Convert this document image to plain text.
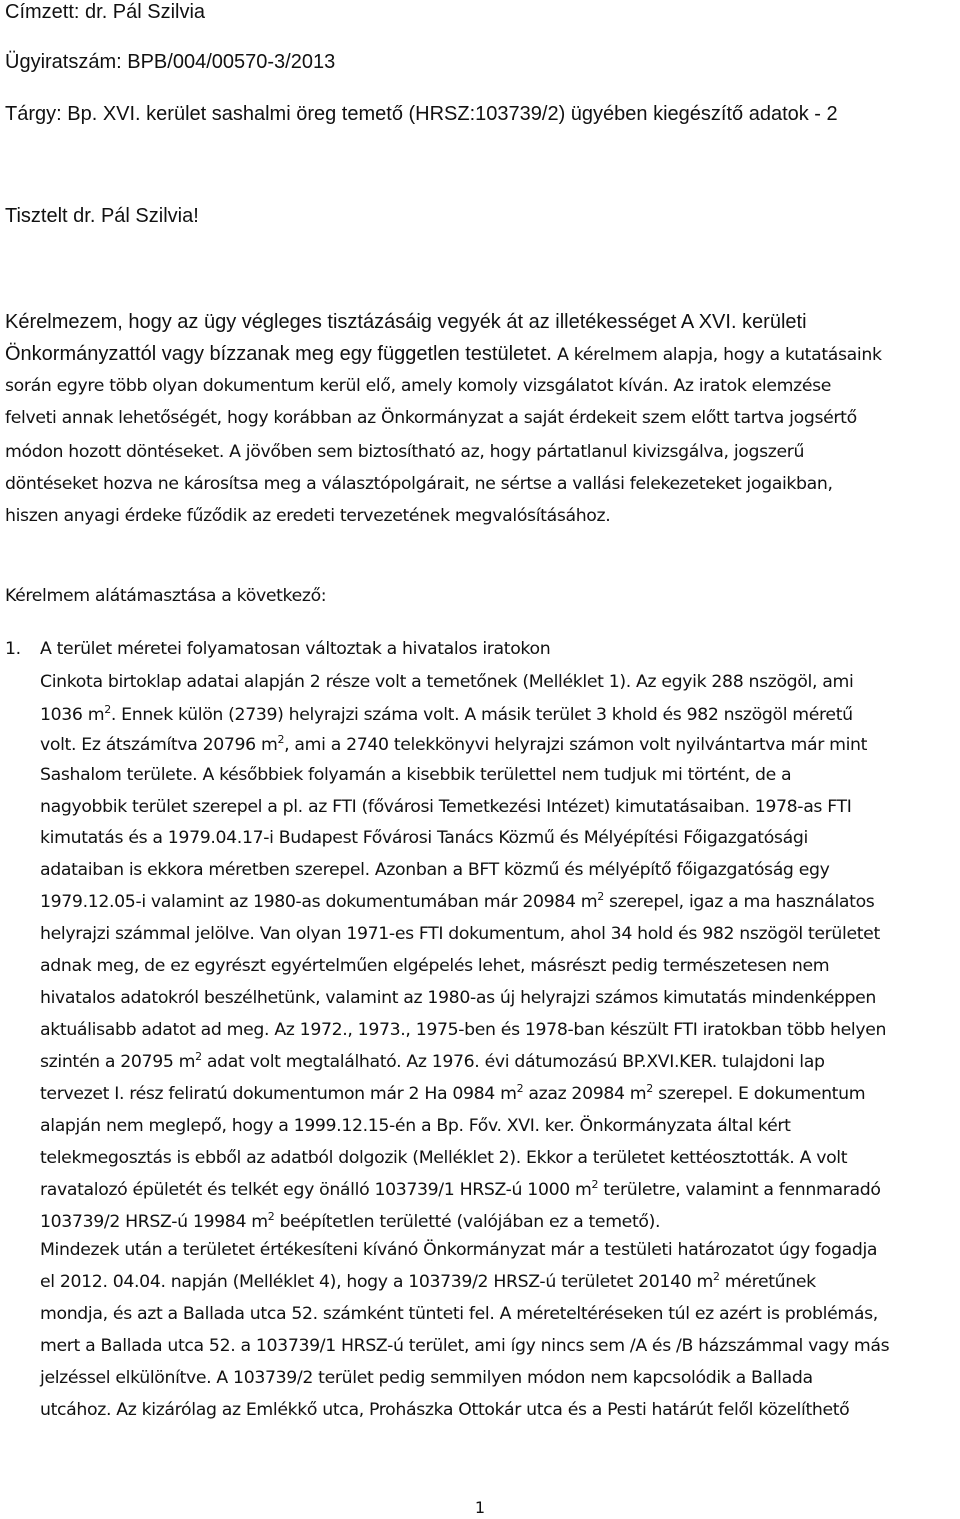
Címzett: dr. Pál Szilvia

Ügyiratszám: BPB/004/00570-3/2013

Tárgy: Bp. XVI. kerület sashalmi öreg temető (HRSZ:103739/2) ügyében kiegészítő adatok - 2

Tisztelt dr. Pál Szilvia!

Kérelmezem, hogy az ügy végleges tisztázásáig vegyék át az illetékességet A XVI. kerületi

Önkormányzattól vagy bízzanak meg egy független testületet. A kérelmem alapja, hogy a kutatásaink

során egyre több olyan dokumentum kerül elő, amely komoly vizsgálatot kíván. Az iratok elemzése

felveti annak lehetőségét, hogy korábban az Önkormányzat a saját érdekeit szem előtt tartva jogsértő

módon hozott döntéseket. A jövőben sem biztosítható az, hogy pártatlanul kivizsgálva, jogszerű

döntéseket hozva ne károsítsa meg a választópolgárait, ne sértse a vallási felekezeteket jogaikban,

hiszen anyagi érdeke fűződik az eredeti tervezetének megvalósításához.

Kérelmem alátámasztása a következő:

1. A terület méretei folyamatosan változtak a hivatalos iratokon

Cinkota birtoklap adatai alapján 2 része volt a temetőnek (Melléklet 1). Az egyik 288 nszögöl, ami

1036 $m^2$. Ennek külön (2739) helyrajzi száma volt. A másik terület 3 khold és 982 nszögöl méretű

volt. Ez átszámítva 20796 $m^2$, ami a 2740 telekkönyvi helyrajzi számon volt nyilvántartva már mint

Sashalom területe. A későbbiek folyamán a kisebbik területtel nem tudjuk mi történt, de a

nagyobbik terület szerepel a pl. az FTI (fővárosi Temetkezési Intézet) kimutatásaiban. 1978-as FTI

kimutatás és a 1979.04.17-i Budapest Fővárosi Tanács Közmű és Mélyépítési Főigazgatósági

adataiban is ekkora méretben szerepel. Azonban a BFT közmű és mélyépítő főigazgatóság egy

1979.12.05-i valamint az 1980-as dokumentumában már 20984 $m^2$ szerepel, igaz a ma használatos

helyrajzi számmal jelölve. Van olyan 1971-es FTI dokumentum, ahol 34 hold és 982 nszögöl területet

adnak meg, de ez egyrészt egyértelműen elgépelés lehet, másrészt pedig természetesen nem

hivatalos adatokról beszélhetünk, valamint az 1980-as új helyrajzi számos kimutatás mindenképpen

aktuálisabb adatot ad meg. Az 1972., 1973., 1975-ben és 1978-ban készült FTI iratokban több helyen

szintén a 20795 $m^2$ adat volt megtalálható. Az 1976. évi dátumozású BP.XVI.KER. tulajdoni lap

tervezet I. rész feliratú dokumentumon már 2 Ha 0984 $m^2$ azaz 20984 $m^2$ szerepel. E dokumentum

alapján nem meglepő, hogy a 1999.12.15-én a Bp. Főv. XVI. ker. Önkormányzata által kért

telekmegosztás is ebből az adatból dolgozik (Melléklet 2). Ekkor a területet kettéosztották. A volt

ravatalozó épületét és telkét egy önálló 103739/1 HRSZ-ú 1000 $m^2$ területre, valamint a fennmaradó

103739/2 HRSZ-ú 19984 $m^2$ beépítetlen területté (valójában ez a temető).

Mindezek után a területet értékesíteni kívánó Önkormányzat már a testületi határozatot úgy fogadja

el 2012. 04.04. napján (Melléklet 4), hogy a 103739/2 HRSZ-ú területet 20140 $m^2$ méretűnek

mondja, és azt a Ballada utca 52. számként tünteti fel. A méreteltéréseken túl ez azért is problémás,

mert a Ballada utca 52. a 103739/1 HRSZ-ú terület, ami így nincs sem /A és /B házszámmal vagy más

jelzéssel elkülönítve. A 103739/2 terület pedig semmilyen módon nem kapcsolódik a Ballada

utcához. Az kizárólag az Emlékkő utca, Prohászka Ottokár utca és a Pesti határút felől közelíthető

1
